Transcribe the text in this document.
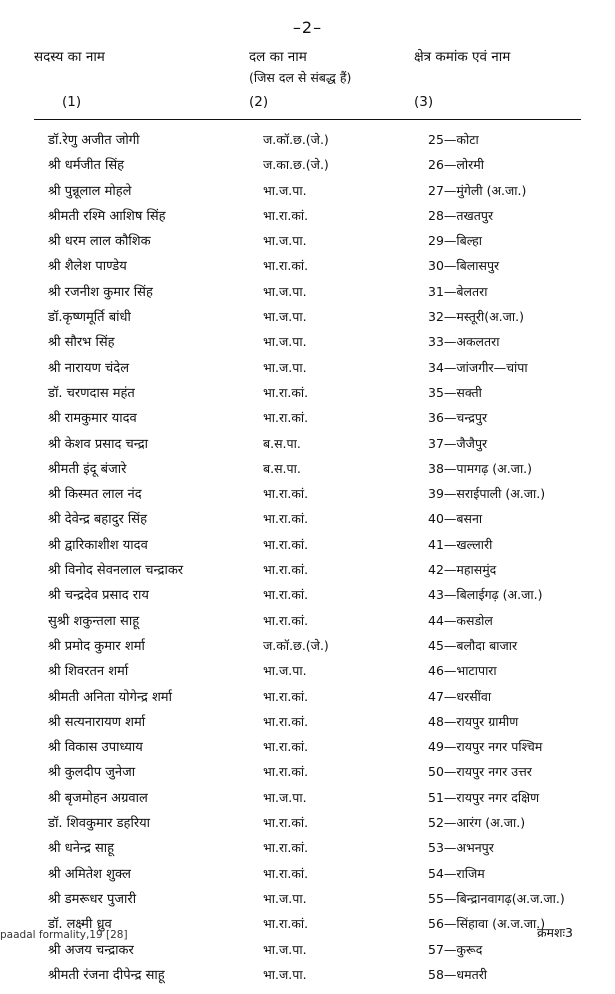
–2–
सदस्य का नाम	दल का नाम	क्षेत्र कमांक एवं नाम
(जिस दल से संबद्ध हैं)
(1)	(2)	(3)
डॉ.रेणु अजीत जोगी	ज.कॉ.छ.(जे.)	25—कोटा
श्री धर्मजीत सिंह	ज.का.छ.(जे.)	26—लोरमी
श्री पुन्नूलाल मोहले	भा.ज.पा.	27—मुंगेली (अ.जा.)
श्रीमती रश्मि आशिष सिंह	भा.रा.कां.	28—तखतपुर
श्री धरम लाल कौशिक	भा.ज.पा.	29—बिल्हा
श्री शैलेश पाण्डेय	भा.रा.कां.	30—बिलासपुर
श्री रजनीश कुमार सिंह	भा.ज.पा.	31—बेलतरा
डॉ.कृष्णमूर्ति बांधी	भा.ज.पा.	32—मस्तूरी(अ.जा.)
श्री सौरभ सिंह	भा.ज.पा.	33—अकलतरा
श्री नारायण चंदेल	भा.ज.पा.	34—जांजगीर—चांपा
डॉ. चरणदास महंत	भा.रा.कां.	35—सक्ती
श्री रामकुमार यादव	भा.रा.कां.	36—चन्द्रपुर
श्री केशव प्रसाद चन्द्रा	ब.स.पा.	37—जैजैपुर
श्रीमती इंदू बंजारे	ब.स.पा.	38—पामगढ़ (अ.जा.)
श्री किस्मत लाल नंद	भा.रा.कां.	39—सराईपाली (अ.जा.)
श्री देवेन्द्र बहादुर सिंह	भा.रा.कां.	40—बसना
श्री द्वारिकाशीश यादव	भा.रा.कां.	41—खल्लारी
श्री विनोद सेवनलाल चन्द्राकर	भा.रा.कां.	42—महासमुंद
श्री चन्द्रदेव प्रसाद राय	भा.रा.कां.	43—बिलाईगढ़ (अ.जा.)
सुश्री शकुन्तला साहू	भा.रा.कां.	44—कसडोल
श्री प्रमोद कुमार शर्मा	ज.कॉ.छ.(जे.)	45—बलौदा बाजार
श्री शिवरतन शर्मा	भा.ज.पा.	46—भाटापारा
श्रीमती अनिता योगेन्द्र शर्मा	भा.रा.कां.	47—धरसींवा
श्री सत्यनारायण शर्मा	भा.रा.कां.	48—रायपुर ग्रामीण
श्री विकास उपाध्याय	भा.रा.कां.	49—रायपुर नगर पश्चिम
श्री कुलदीप जुनेजा	भा.रा.कां.	50—रायपुर नगर उत्तर
श्री बृजमोहन अग्रवाल	भा.ज.पा.	51—रायपुर नगर दक्षिण
डॉ. शिवकुमार डहरिया	भा.रा.कां.	52—आरंग (अ.जा.)
श्री धनेन्द्र साहू	भा.रा.कां.	53—अभनपुर
श्री अमितेश शुक्ल	भा.रा.कां.	54—राजिम
श्री डमरूधर पुजारी	भा.ज.पा.	55—बिन्द्रानवागढ़(अ.ज.जा.)
डॉ. लक्ष्मी ध्रुव	भा.रा.कां.	56—सिंहावा (अ.ज.जा.)
श्री अजय चन्द्राकर	भा.ज.पा.	57—कुरूद
श्रीमती रंजना दीपेन्द्र साहू	भा.ज.पा.	58—धमतरी
paadal formality,19 [28]	क्रमशः3
